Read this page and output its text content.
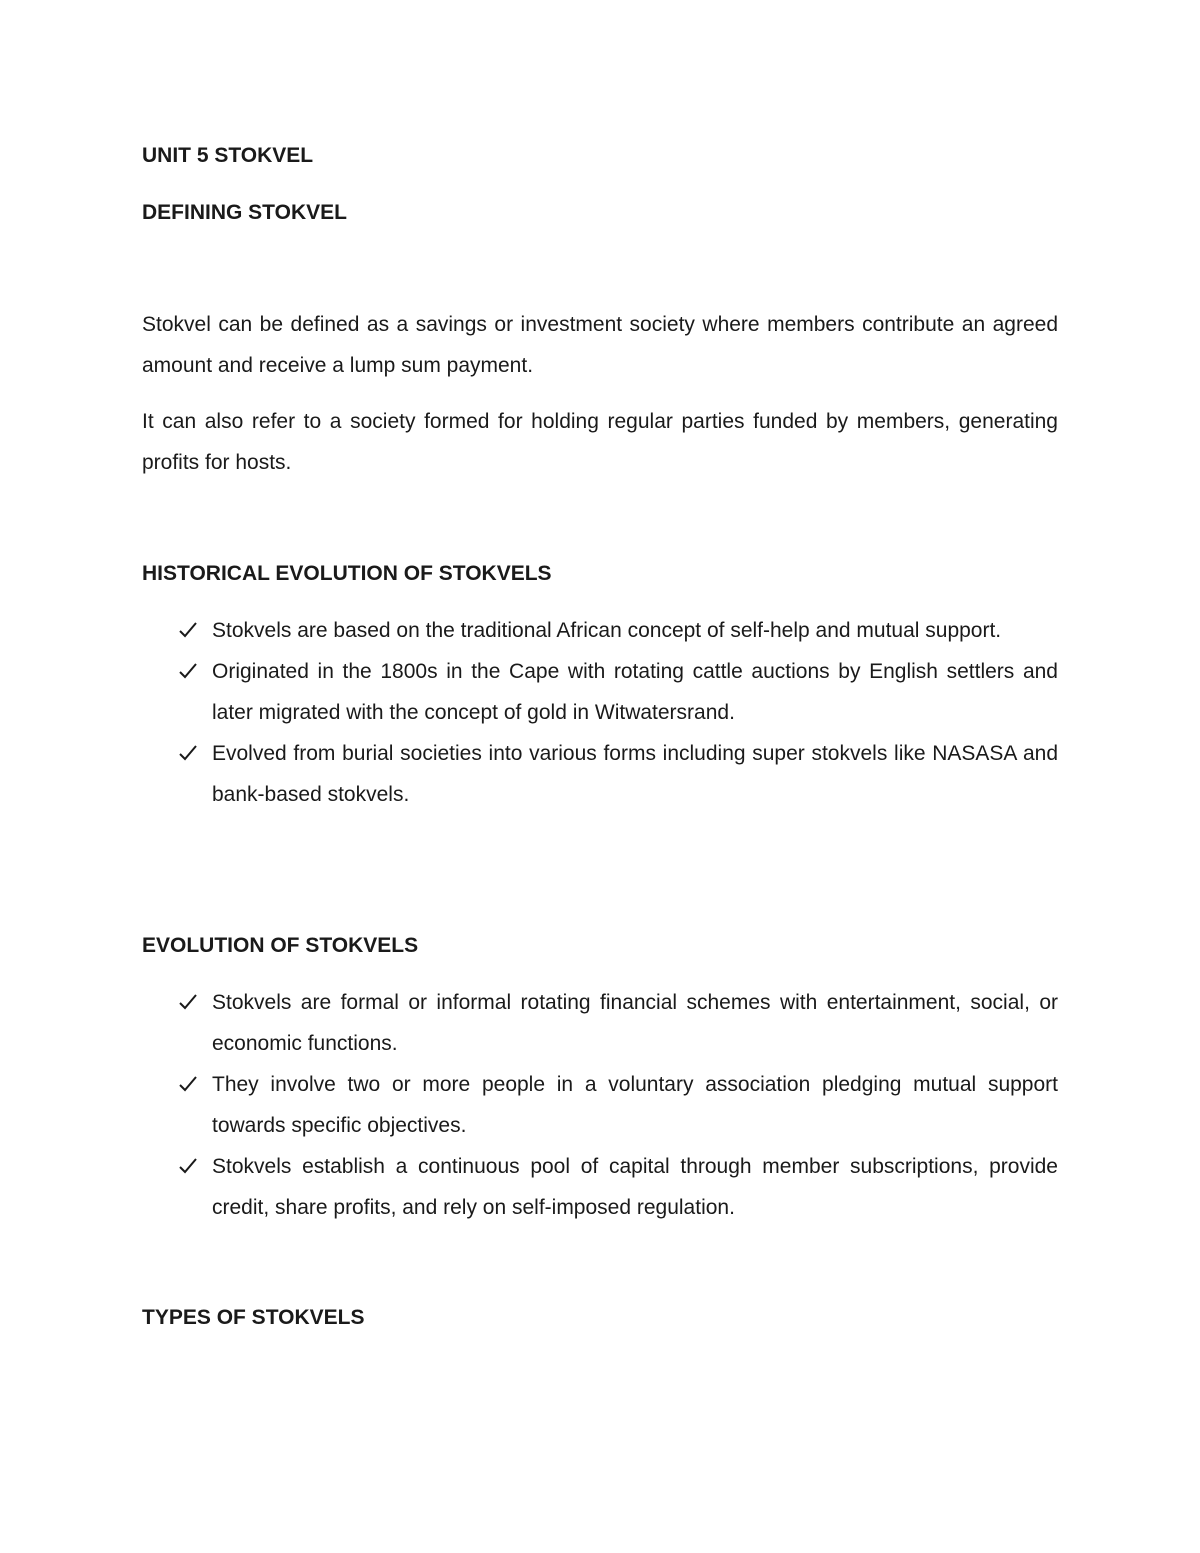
UNIT 5 STOKVEL
DEFINING STOKVEL

Stokvel can be defined as a savings or investment society where members contribute an agreed amount and receive a lump sum payment.

It can also refer to a society formed for holding regular parties funded by members, generating profits for hosts.

HISTORICAL EVOLUTION OF STOKVELS
Stokvels are based on the traditional African concept of self-help and mutual support.
Originated in the 1800s in the Cape with rotating cattle auctions by English settlers and later migrated with the concept of gold in Witwatersrand.
Evolved from burial societies into various forms including super stokvels like NASASA and bank-based stokvels.
EVOLUTION OF STOKVELS
Stokvels are formal or informal rotating financial schemes with entertainment, social, or economic functions.
They involve two or more people in a voluntary association pledging mutual support towards specific objectives.
Stokvels establish a continuous pool of capital through member subscriptions, provide credit, share profits, and rely on self-imposed regulation.
TYPES OF STOKVELS
